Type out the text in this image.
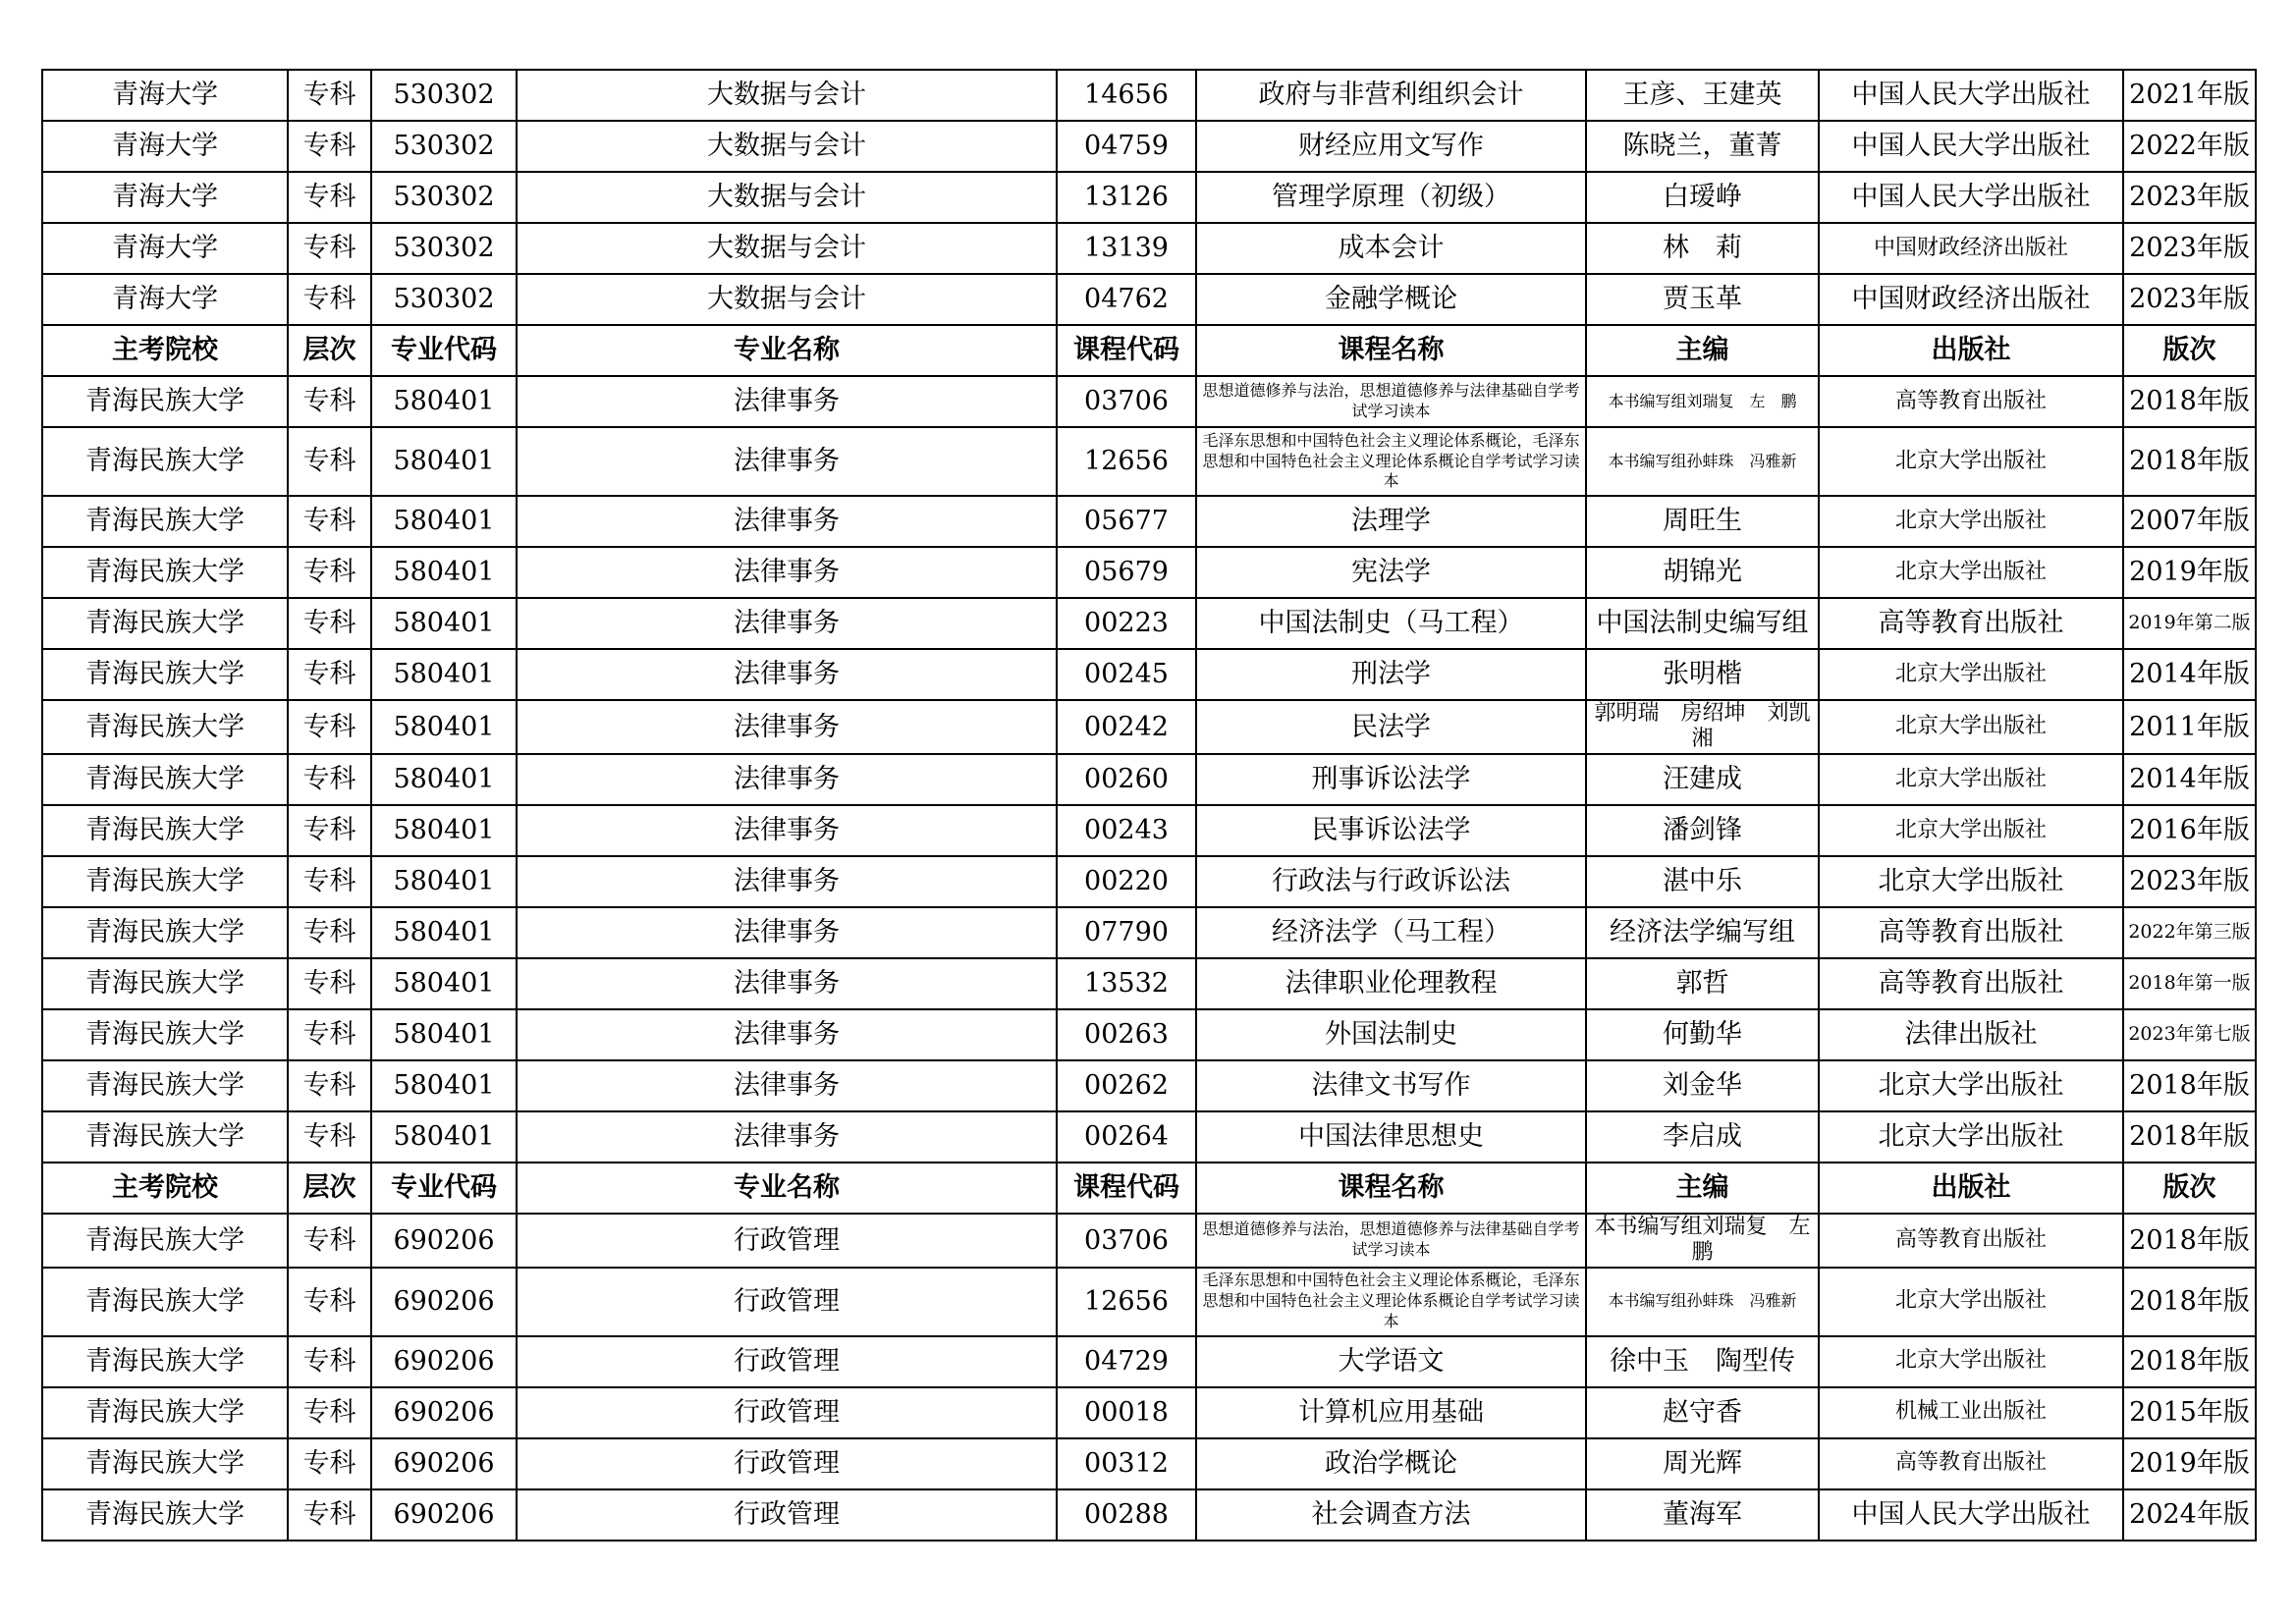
青海大学	专科	530302	大数据与会计	14656	政府与非营利组织会计	王彦、王建英	中国人民大学出版社	2021年版
青海大学	专科	530302	大数据与会计	04759	财经应用文写作	陈晓兰，董菁	中国人民大学出版社	2022年版
青海大学	专科	530302	大数据与会计	13126	管理学原理（初级）	白瑷峥	中国人民大学出版社	2023年版
青海大学	专科	530302	大数据与会计	13139	成本会计	林　莉	中国财政经济出版社	2023年版
青海大学	专科	530302	大数据与会计	04762	金融学概论	贾玉革	中国财政经济出版社	2023年版
主考院校	层次	专业代码	专业名称	课程代码	课程名称	主编	出版社	版次
青海民族大学	专科	580401	法律事务	03706	思想道德修养与法治，思想道德修养与法律基础自学考试学习读本	本书编写组刘瑞复　左　鹏	高等教育出版社	2018年版
青海民族大学	专科	580401	法律事务	12656	毛泽东思想和中国特色社会主义理论体系概论，毛泽东思想和中国特色社会主义理论体系概论自学考试学习读本	本书编写组孙蚌珠　冯雅新	北京大学出版社	2018年版
青海民族大学	专科	580401	法律事务	05677	法理学	周旺生	北京大学出版社	2007年版
青海民族大学	专科	580401	法律事务	05679	宪法学	胡锦光	北京大学出版社	2019年版
青海民族大学	专科	580401	法律事务	00223	中国法制史（马工程）	中国法制史编写组	高等教育出版社	2019年第二版
青海民族大学	专科	580401	法律事务	00245	刑法学	张明楷	北京大学出版社	2014年版
青海民族大学	专科	580401	法律事务	00242	民法学	郭明瑞　房绍坤　刘凯湘	北京大学出版社	2011年版
青海民族大学	专科	580401	法律事务	00260	刑事诉讼法学	汪建成	北京大学出版社	2014年版
青海民族大学	专科	580401	法律事务	00243	民事诉讼法学	潘剑锋	北京大学出版社	2016年版
青海民族大学	专科	580401	法律事务	00220	行政法与行政诉讼法	湛中乐	北京大学出版社	2023年版
青海民族大学	专科	580401	法律事务	07790	经济法学（马工程）	经济法学编写组	高等教育出版社	2022年第三版
青海民族大学	专科	580401	法律事务	13532	法律职业伦理教程	郭哲	高等教育出版社	2018年第一版
青海民族大学	专科	580401	法律事务	00263	外国法制史	何勤华	法律出版社	2023年第七版
青海民族大学	专科	580401	法律事务	00262	法律文书写作	刘金华	北京大学出版社	2018年版
青海民族大学	专科	580401	法律事务	00264	中国法律思想史	李启成	北京大学出版社	2018年版
主考院校	层次	专业代码	专业名称	课程代码	课程名称	主编	出版社	版次
青海民族大学	专科	690206	行政管理	03706	思想道德修养与法治，思想道德修养与法律基础自学考试学习读本	本书编写组刘瑞复　左　鹏	高等教育出版社	2018年版
青海民族大学	专科	690206	行政管理	12656	毛泽东思想和中国特色社会主义理论体系概论，毛泽东思想和中国特色社会主义理论体系概论自学考试学习读本	本书编写组孙蚌珠　冯雅新	北京大学出版社	2018年版
青海民族大学	专科	690206	行政管理	04729	大学语文	徐中玉　陶型传	北京大学出版社	2018年版
青海民族大学	专科	690206	行政管理	00018	计算机应用基础	赵守香	机械工业出版社	2015年版
青海民族大学	专科	690206	行政管理	00312	政治学概论	周光辉	高等教育出版社	2019年版
青海民族大学	专科	690206	行政管理	00288	社会调查方法	董海军	中国人民大学出版社	2024年版
